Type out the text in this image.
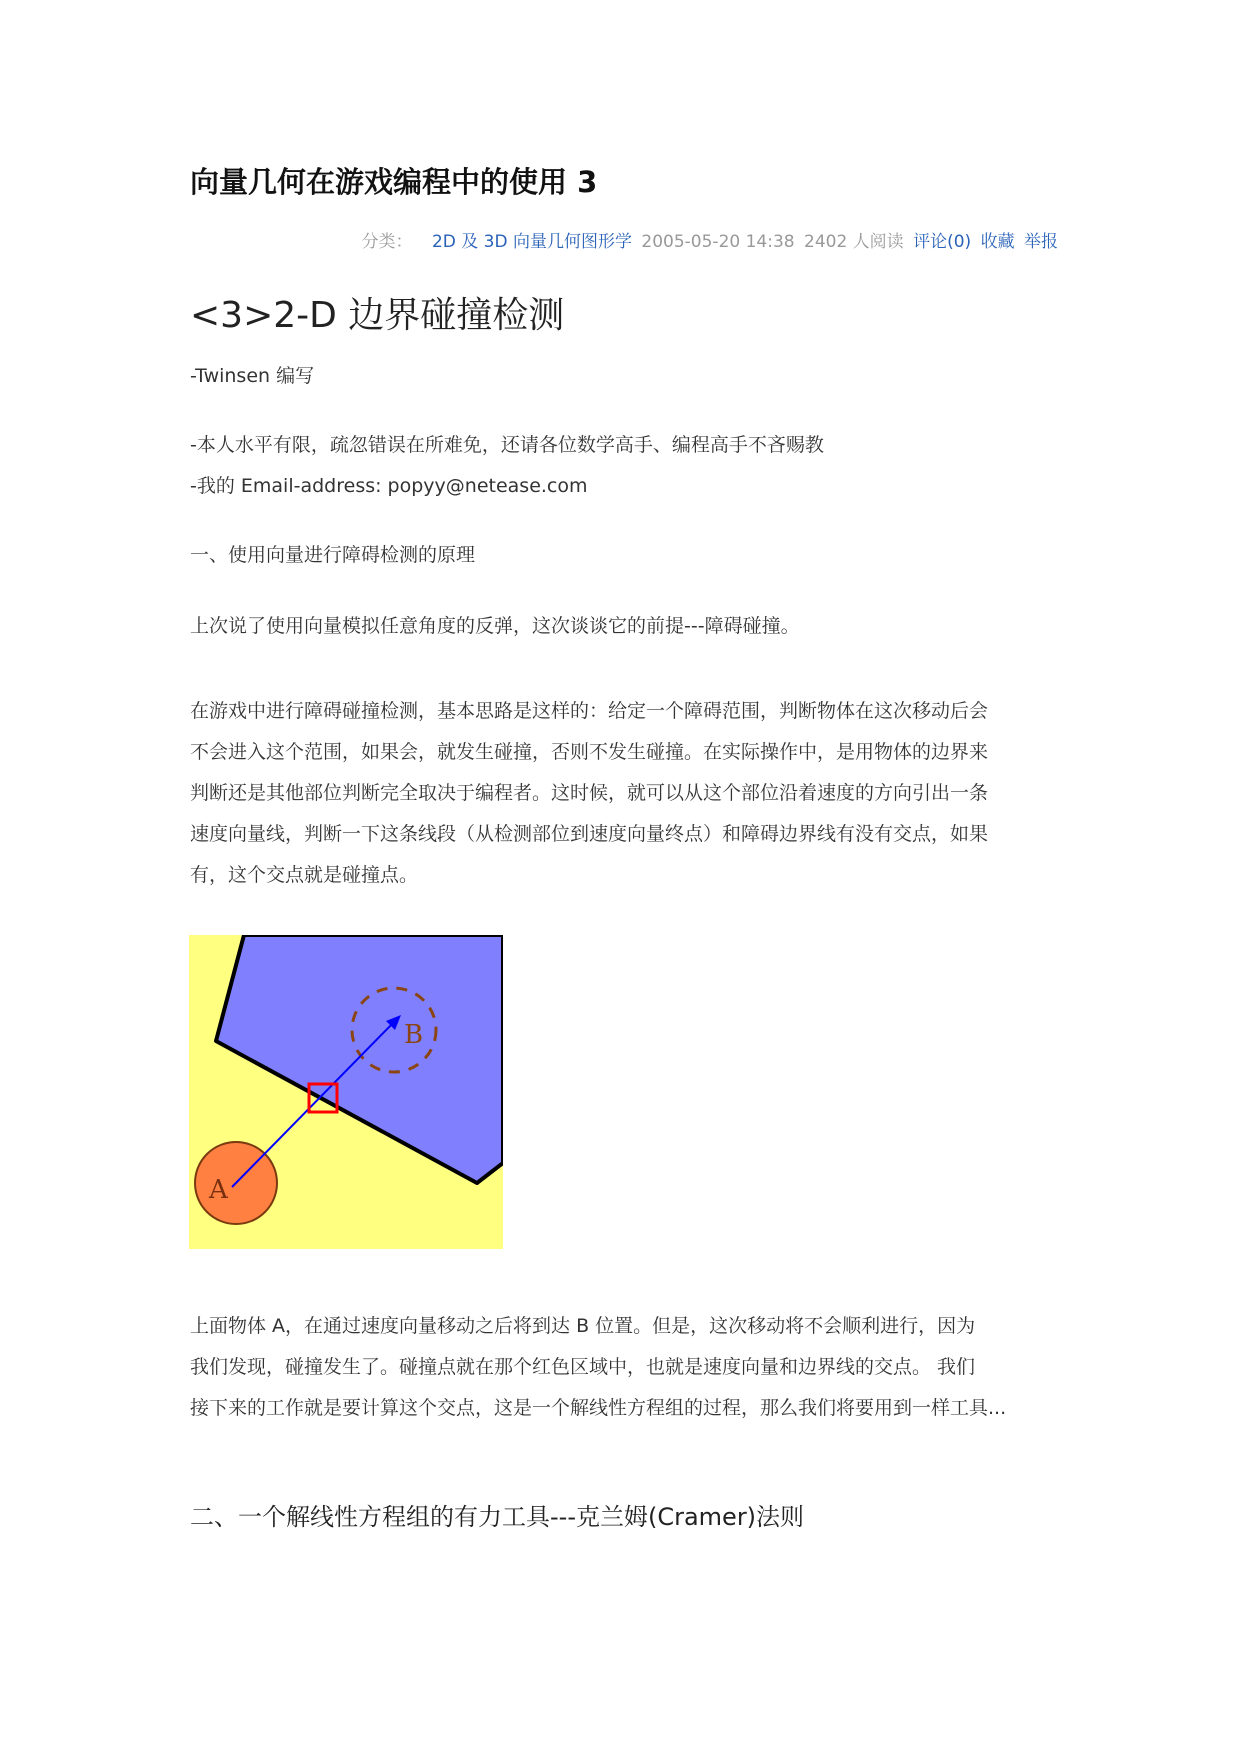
向量几何在游戏编程中的使用 3
分类： 2D 及 3D 向量几何图形学 2005-05-20 14:38 2402 人阅读 评论(0) 收藏 举报
<3>2-D 边界碰撞检测

-Twinsen 编写

-本人水平有限，疏忽错误在所难免，还请各位数学高手、编程高手不吝赐教

-我的 Email-address: popyy@netease.com

一、使用向量进行障碍检测的原理

上次说了使用向量模拟任意角度的反弹，这次谈谈它的前提---障碍碰撞。

在游戏中进行障碍碰撞检测，基本思路是这样的：给定一个障碍范围，判断物体在这次移动后会
不会进入这个范围，如果会，就发生碰撞，否则不发生碰撞。在实际操作中，是用物体的边界来
判断还是其他部位判断完全取决于编程者。这时候，就可以从这个部位沿着速度的方向引出一条
速度向量线，判断一下这条线段（从检测部位到速度向量终点）和障碍边界线有没有交点，如果
有，这个交点就是碰撞点。
A
B
上面物体 A，在通过速度向量移动之后将到达 B 位置。但是，这次移动将不会顺利进行，因为
我们发现，碰撞发生了。碰撞点就在那个红色区域中，也就是速度向量和边界线的交点。 我们
接下来的工作就是要计算这个交点，这是一个解线性方程组的过程，那么我们将要用到一样工具...
二、一个解线性方程组的有力工具---克兰姆(Cramer)法则
